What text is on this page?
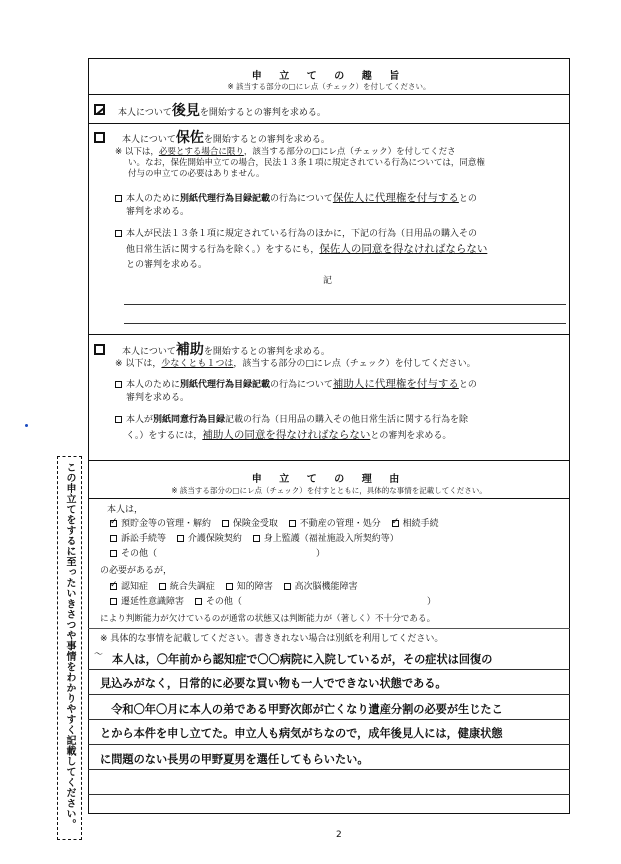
申 立 て の 趣 旨
※ 該当する部分の□にレ点（チェック）を付してください。
本人について後見を開始するとの審判を求める。
本人について保佐を開始するとの審判を求める。
※ 以下は，必要とする場合に限り，該当する部分の□にレ点（チェック）を付してくださ
い。なお，保佐開始申立ての場合，民法１３条１項に規定されている行為については，同意権
付与の申立ての必要はありません。
本人のために別紙代理行為目録記載の行為について保佐人に代理権を付与するとの
審判を求める。
本人が民法１３条１項に規定されている行為のほかに，下記の行為（日用品の購入その
他日常生活に関する行為を除く。）をするにも，保佐人の同意を得なければならない
との審判を求める。
記
本人について補助を開始するとの審判を求める。
※ 以下は，少なくとも１つは，該当する部分の□にレ点（チェック）を付してください。
本人のために別紙代理行為目録記載の行為について補助人に代理権を付与するとの
審判を求める。
本人が別紙同意行為目録記載の行為（日用品の購入その他日常生活に関する行為を除
く。）をするには，補助人の同意を得なければならないとの審判を求める。
申 立 て の 理 由
※ 該当する部分の□にレ点（チェック）を付すとともに，具体的な事情を記載してください。
本人は，
✓預貯金等の管理・解約 保険金受取 不動産の管理・処分 ✓ 相続手続
訴訟手続等 介護保険契約 身上監護（福祉施設入所契約等）
その他（	）
の必要があるが，
✓認知症 統合失調症 知的障害 高次脳機能障害
遷延性意識障害 その他（	）
により判断能力が欠けているのが通常の状態又は判断能力が（著しく）不十分である。
※ 具体的な事情を記載してください。書ききれない場合は別紙を利用してください。
～ 本人は，〇年前から認知症で〇〇病院に入院しているが，その症状は回復の
見込みがなく，日常的に必要な買い物も一人でできない状態である。
　令和〇年〇月に本人の弟である甲野次郎が亡くなり遺産分割の必要が生じたこ
とから本件を申し立てた。申立人も病気がちなので，成年後見人には，健康状態
に問題のない長男の甲野夏男を選任してもらいたい。
この申立てをするに至ったいきさつや事情をわかりやすく記載してください。
2
